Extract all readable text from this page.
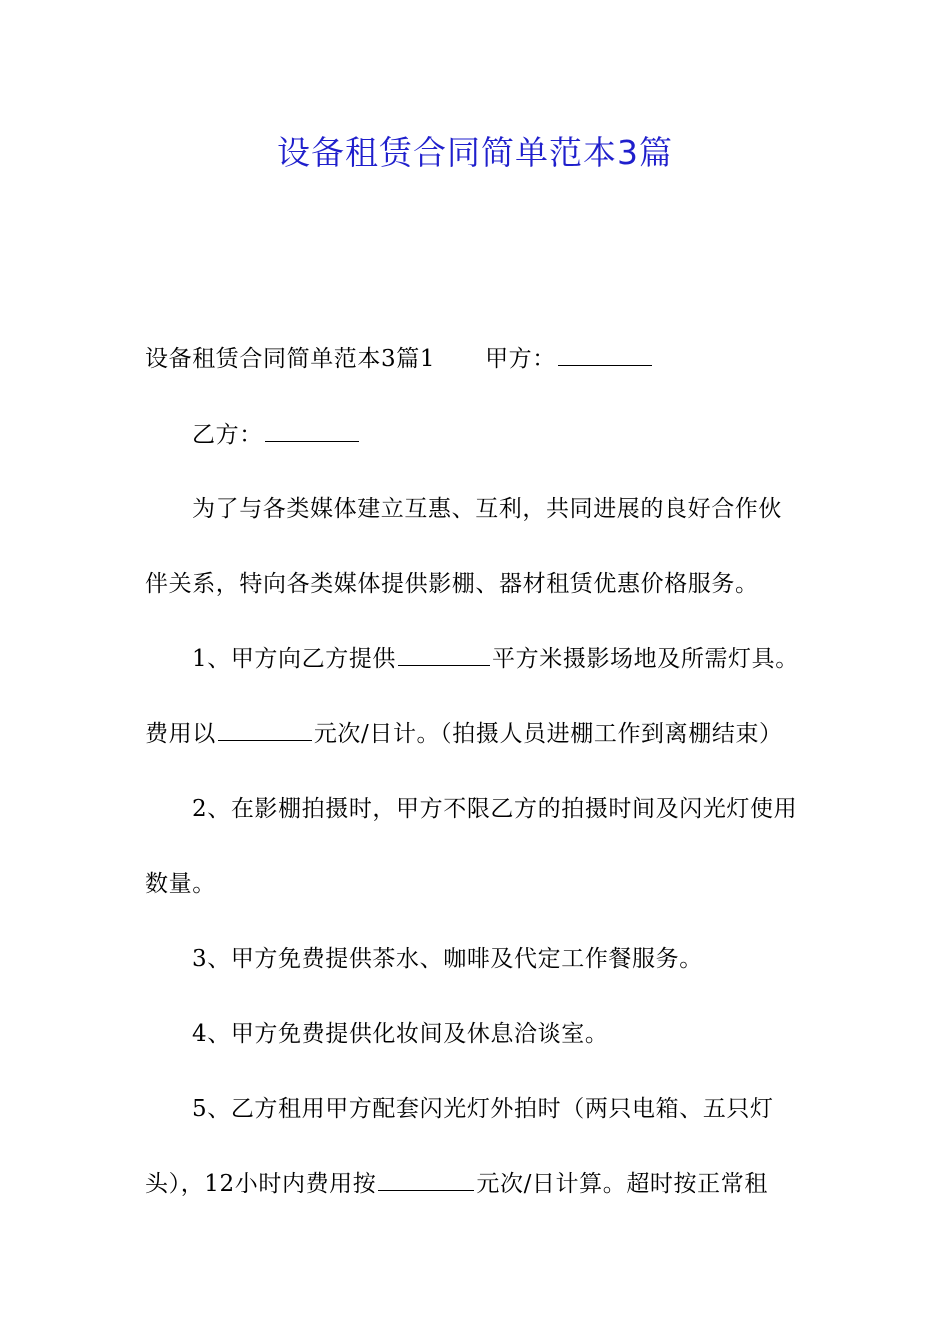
设备租赁合同简单范本3篇
设备租赁合同简单范本3篇1 甲方：
乙方：
为了与各类媒体建立互惠、互利，共同进展的良好合作伙
伴关系，特向各类媒体提供影棚、器材租赁优惠价格服务。
1、甲方向乙方提供	平方米摄影场地及所需灯具。
费用以	元次/日计。（拍摄人员进棚工作到离棚结束）
2、在影棚拍摄时，甲方不限乙方的拍摄时间及闪光灯使用
数量。
3、甲方免费提供茶水、咖啡及代定工作餐服务。
4、甲方免费提供化妆间及休息洽谈室。
5、乙方租用甲方配套闪光灯外拍时（两只电箱、五只灯
头），12小时内费用按	元次/日计算。超时按正常租
